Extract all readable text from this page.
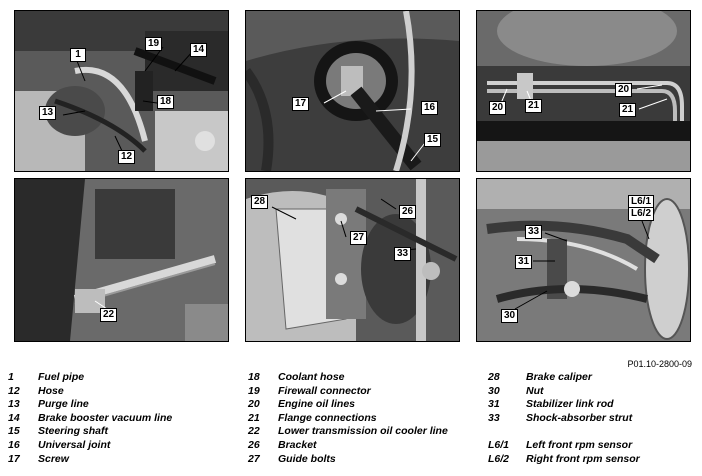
1
19
14
13
18
12
17	16
15
20	21
20
21
22
28
26
27
33
L6/1
L6/2
33
31
30
P01.10-2800-09
1 Fuel pipe
12 Hose
13 Purge line
14 Brake booster vacuum line
15 Steering shaft
16 Universal joint
17 Screw
18 Coolant hose
19 Firewall connector
20 Engine oil lines
21 Flange connections
22 Lower transmission oil cooler line
26 Bracket
27 Guide bolts
28	Brake caliper
30	Nut
31	Stabilizer link rod
33	Shock-absorber strut
L6/1 Left front rpm sensor
L6/2 Right front rpm sensor
